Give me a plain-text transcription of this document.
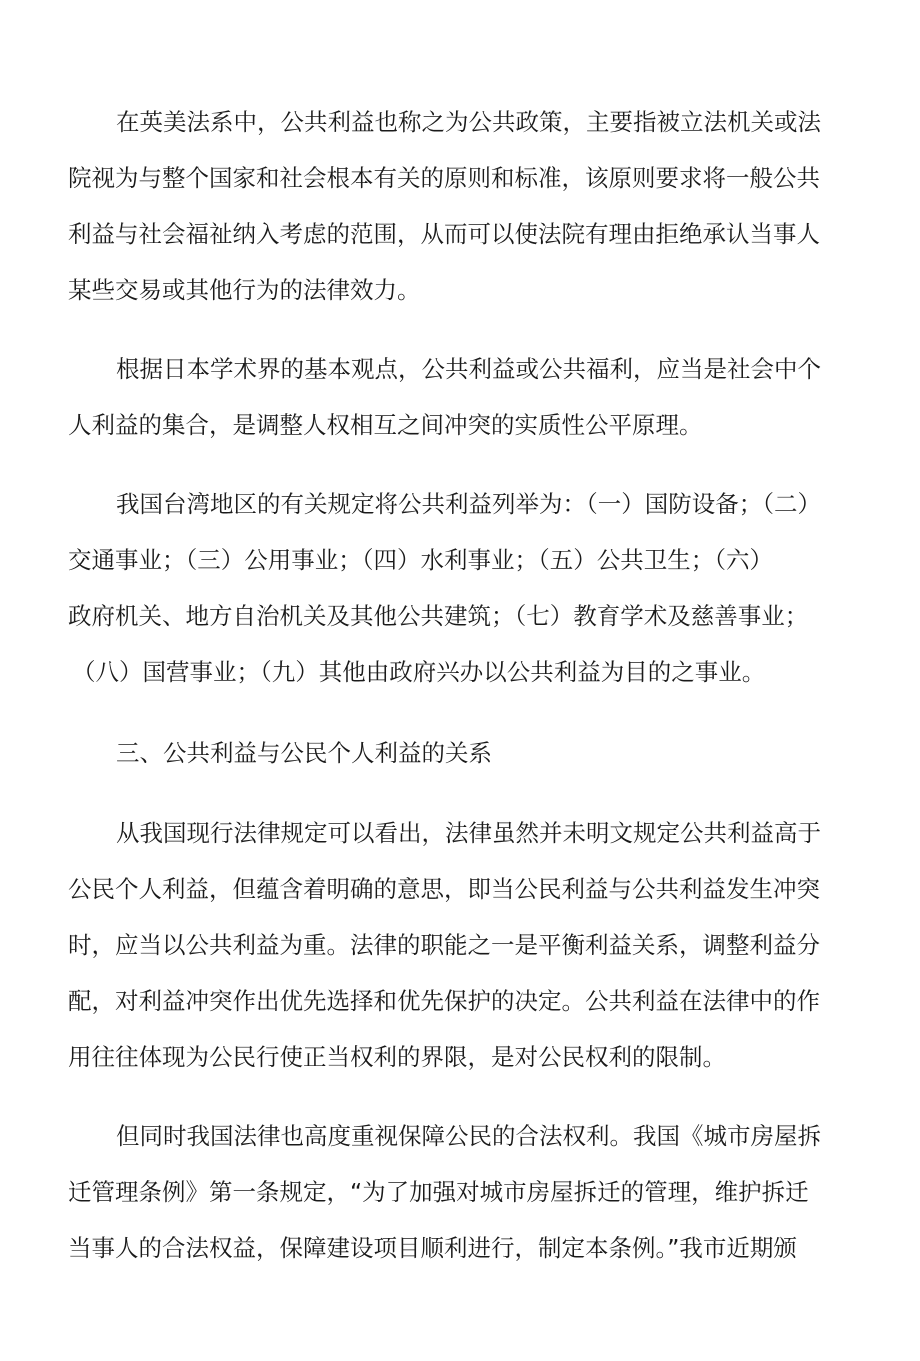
在英美法系中，公共利益也称之为公共政策，主要指被立法机关或法
院视为与整个国家和社会根本有关的原则和标准，该原则要求将一般公共
利益与社会福祉纳入考虑的范围，从而可以使法院有理由拒绝承认当事人
某些交易或其他行为的法律效力。
根据日本学术界的基本观点，公共利益或公共福利，应当是社会中个
人利益的集合，是调整人权相互之间冲突的实质性公平原理。
我国台湾地区的有关规定将公共利益列举为：（一）国防设备；（二）
交通事业；（三）公用事业；（四）水利事业；（五）公共卫生；（六）
政府机关、地方自治机关及其他公共建筑；（七）教育学术及慈善事业；
（八）国营事业；（九）其他由政府兴办以公共利益为目的之事业。
三、公共利益与公民个人利益的关系
从我国现行法律规定可以看出，法律虽然并未明文规定公共利益高于
公民个人利益，但蕴含着明确的意思，即当公民利益与公共利益发生冲突
时，应当以公共利益为重。法律的职能之一是平衡利益关系，调整利益分
配，对利益冲突作出优先选择和优先保护的决定。公共利益在法律中的作
用往往体现为公民行使正当权利的界限，是对公民权利的限制。
但同时我国法律也高度重视保障公民的合法权利。我国《城市房屋拆
迁管理条例》第一条规定，“为了加强对城市房屋拆迁的管理，维护拆迁
当事人的合法权益，保障建设项目顺利进行，制定本条例。”我市近期颁
